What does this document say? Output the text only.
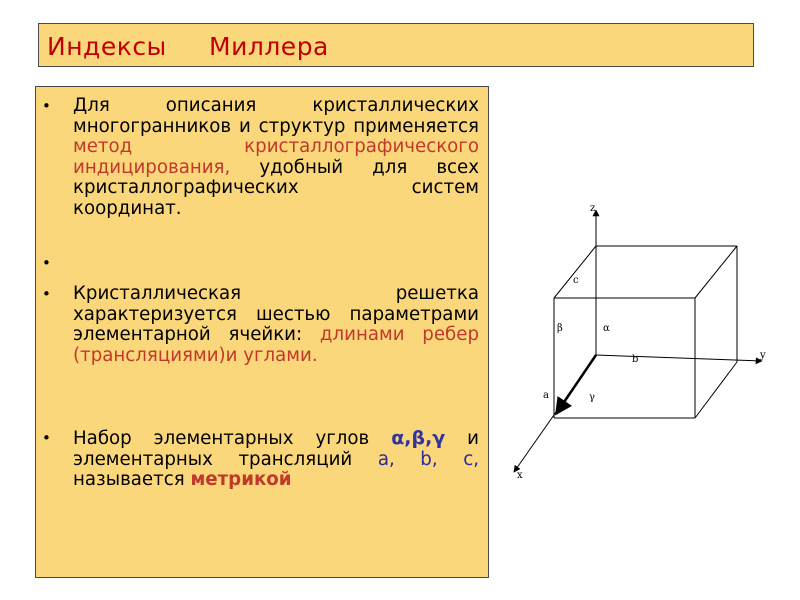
Индексы Миллера
• Для описания кристаллических многогранников и структур применяется метод кристаллографического индицирования, удобный для всех кристаллографических систем координат.
•
• Кристаллическая решетка характеризуется шестью параметрами элементарной ячейки: длинами ребер (трансляциями)и углами.
• Набор элементарных углов α,β,γ и элементарных трансляций a, b, c, называется метрикой
z
y
x
c
b
a
β	α
γ
